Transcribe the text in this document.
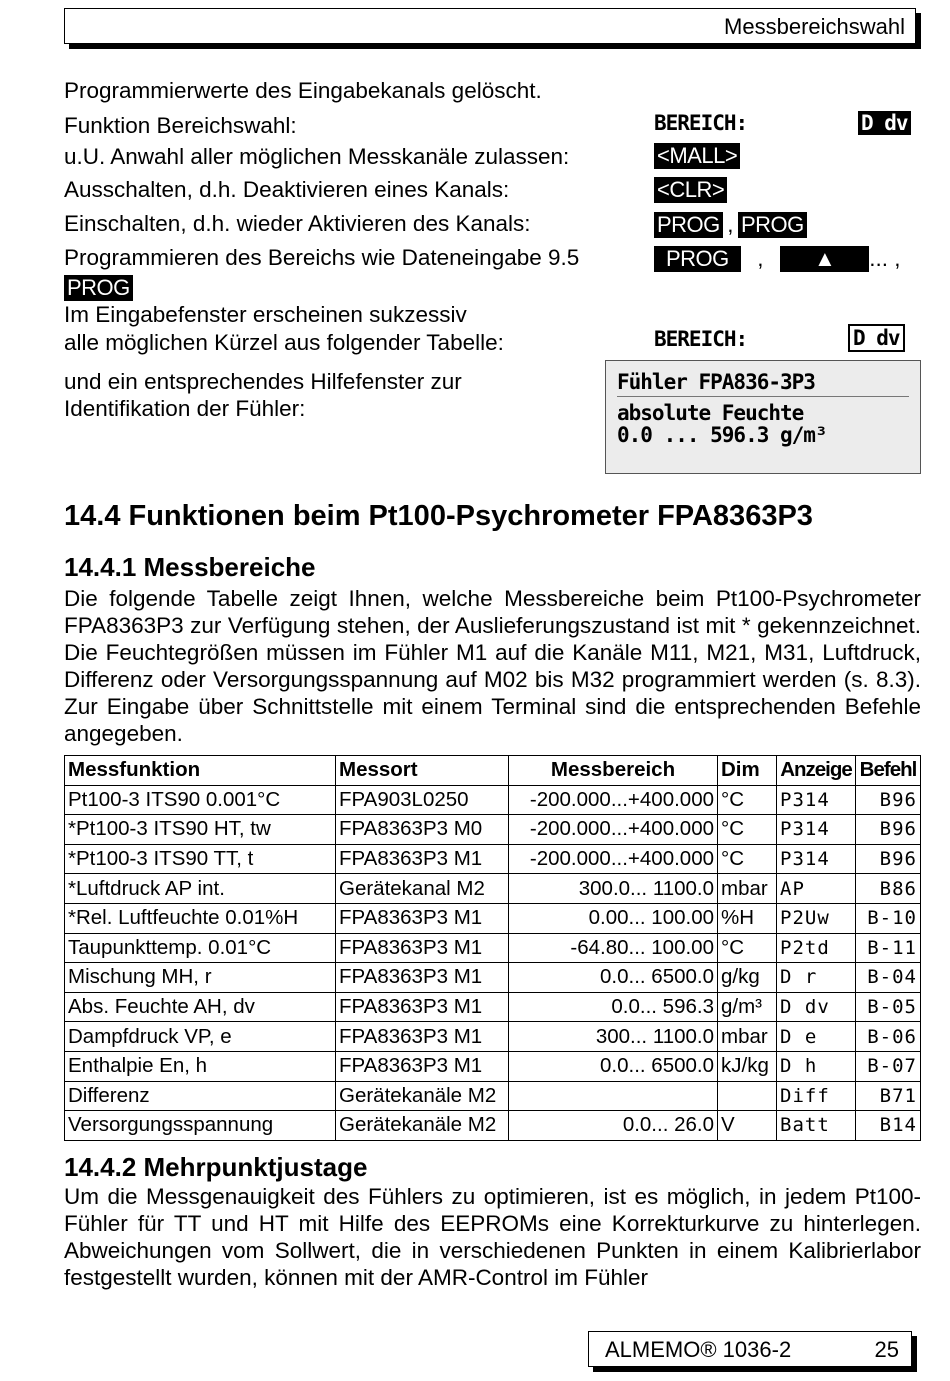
Messbereichswahl
Programmierwerte des Eingabekanals gelöscht.
Funktion Bereichswahl:
u.U. Anwahl aller möglichen Messkanäle zulassen:
Ausschalten, d.h. Deaktivieren eines Kanals:
Einschalten, d.h. wieder Aktivieren des Kanals:
Programmieren des Bereichs wie Dateneingabe 9.5
PROG
Im Eingabefenster erscheinen sukzessiv
alle möglichen Kürzel aus folgender Tabelle:
und ein entsprechendes Hilfefenster zur
Identifikation der Fühler:
BEREICH:	D dv
<MALL>
<CLR>
PROG , PROG
PROG , ▲ ... ,
BEREICH:	D dv
Fühler FPA836-3P3
absolute Feuchte
0.0 ... 596.3 g/m³
14.4 Funktionen beim Pt100-Psychrometer FPA8363P3
14.4.1 Messbereiche
Die folgende Tabelle zeigt Ihnen, welche Messbereiche beim Pt100-Psychrometer FPA8363P3 zur Verfügung stehen, der Auslieferungszustand ist mit * gekennzeichnet. Die Feuchtegrößen müssen im Fühler M1 auf die Kanäle M11, M21, M31, Luftdruck, Differenz oder Versorgungsspannung auf M02 bis M32 programmiert werden (s. 8.3). Zur Eingabe über Schnittstelle mit einem Terminal sind die entsprechenden Befehle angegeben.
Messfunktion	Messort	Messbereich	Dim	Anzeige	Befehl
Pt100-3 ITS90 0.001°C	FPA903L0250	-200.000...+400.000	°C	P314	B96
*Pt100-3 ITS90 HT, tw	FPA8363P3 M0	-200.000...+400.000	°C	P314	B96
*Pt100-3 ITS90 TT, t	FPA8363P3 M1	-200.000...+400.000	°C	P314	B96
*Luftdruck AP int.	Gerätekanal M2	300.0... 1100.0	mbar	AP	B86
*Rel. Luftfeuchte 0.01%H	FPA8363P3 M1	0.00... 100.00	%H	P2Uw	B-10
Taupunkttemp. 0.01°C	FPA8363P3 M1	-64.80... 100.00	°C	P2td	B-11
Mischung MH, r	FPA8363P3 M1	0.0... 6500.0	g/kg	D r	B-04
Abs. Feuchte AH, dv	FPA8363P3 M1	0.0... 596.3	g/m³	D dv	B-05
Dampfdruck VP, e	FPA8363P3 M1	300... 1100.0	mbar	D e	B-06
Enthalpie En, h	FPA8363P3 M1	0.0... 6500.0	kJ/kg	D h	B-07
Differenz	Gerätekanäle M2			Diff	B71
Versorgungsspannung	Gerätekanäle M2	0.0... 26.0	V	Batt	B14
14.4.2 Mehrpunktjustage
Um die Messgenauigkeit des Fühlers zu optimieren, ist es möglich, in jedem Pt100-Fühler für TT und HT mit Hilfe des EEPROMs eine Korrekturkurve zu hinterlegen. Abweichungen vom Sollwert, die in verschiedenen Punkten in einem Kalibrierlabor festgestellt wurden, können mit der AMR-Control im Fühler
ALMEMO® 1036-2	25
